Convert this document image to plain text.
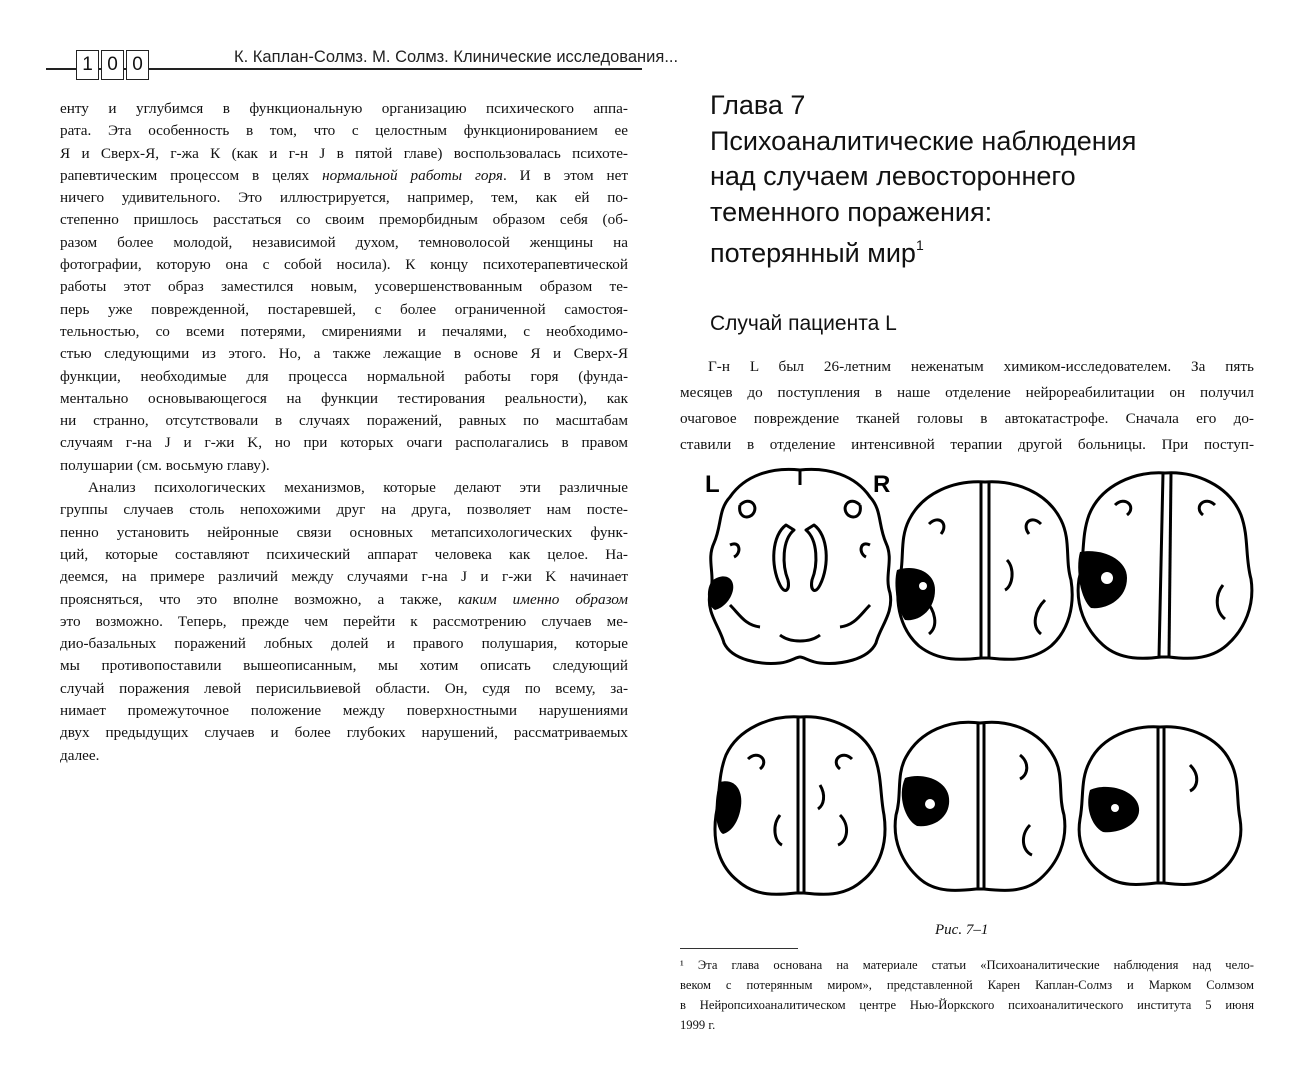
1 0 0	К. Каплан-Солмз. М. Солмз. Клинические исследования...
енту и углубимся в функциональную организацию психического аппа-
рата. Эта особенность в том, что с целостным функционированием ее
Я и Сверх-Я, г-жа К (как и г-н J в пятой главе) воспользовалась психоте-
рапевтическим процессом в целях нормальной работы горя. И в этом нет
ничего удивительного. Это иллюстрируется, например, тем, как ей по-
степенно пришлось расстаться со своим преморбидным образом себя (об-
разом более молодой, независимой духом, темноволосой женщины на
фотографии, которую она с собой носила). К концу психотерапевтической
работы этот образ заместился новым, усовершенствованным образом те-
перь уже поврежденной, постаревшей, с более ограниченной самостоя-
тельностью, со всеми потерями, смирениями и печалями, с необходимо-
стью следующими из этого. Но, а также лежащие в основе Я и Сверх-Я
функции, необходимые для процесса нормальной работы горя (фунда-
ментально основывающегося на функции тестирования реальности), как
ни странно, отсутствовали в случаях поражений, равных по масштабам
случаям г-на J и г-жи K, но при которых очаги располагались в правом
полушарии (см. восьмую главу).
Анализ психологических механизмов, которые делают эти различные
группы случаев столь непохожими друг на друга, позволяет нам посте-
пенно установить нейронные связи основных метапсихологических функ-
ций, которые составляют психический аппарат человека как целое. На-
деемся, на примере различий между случаями г-на J и г-жи K начинает
проясняться, что это вполне возможно, а также, каким именно образом
это возможно. Теперь, прежде чем перейти к рассмотрению случаев ме-
дио-базальных поражений лобных долей и правого полушария, которые
мы противопоставили вышеописанным, мы хотим описать следующий
случай поражения левой перисильвиевой области. Он, судя по всему, за-
нимает промежуточное положение между поверхностными нарушениями
двух предыдущих случаев и более глубоких нарушений, рассматриваемых
далее.
Глава 7
Психоаналитические наблюдения
над случаем левостороннего
теменного поражения:
потерянный мир$^1$
Случай пациента L
Г-н L был 26-летним неженатым химиком-исследователем. За пять
месяцев до поступления в наше отделение нейрореабилитации он получил
очаговое повреждение тканей головы в автокатастрофе. Сначала его до-
ставили в отделение интенсивной терапии другой больницы. При поступ-
L	R
Рис. 7–1
¹ Эта глава основана на материале статьи «Психоаналитические наблюдения над чело-
веком с потерянным миром», представленной Карен Каплан-Солмз и Марком Солмзом
в Нейропсихоаналитическом центре Нью-Йоркского психоаналитического института 5 июня
1999 г.
